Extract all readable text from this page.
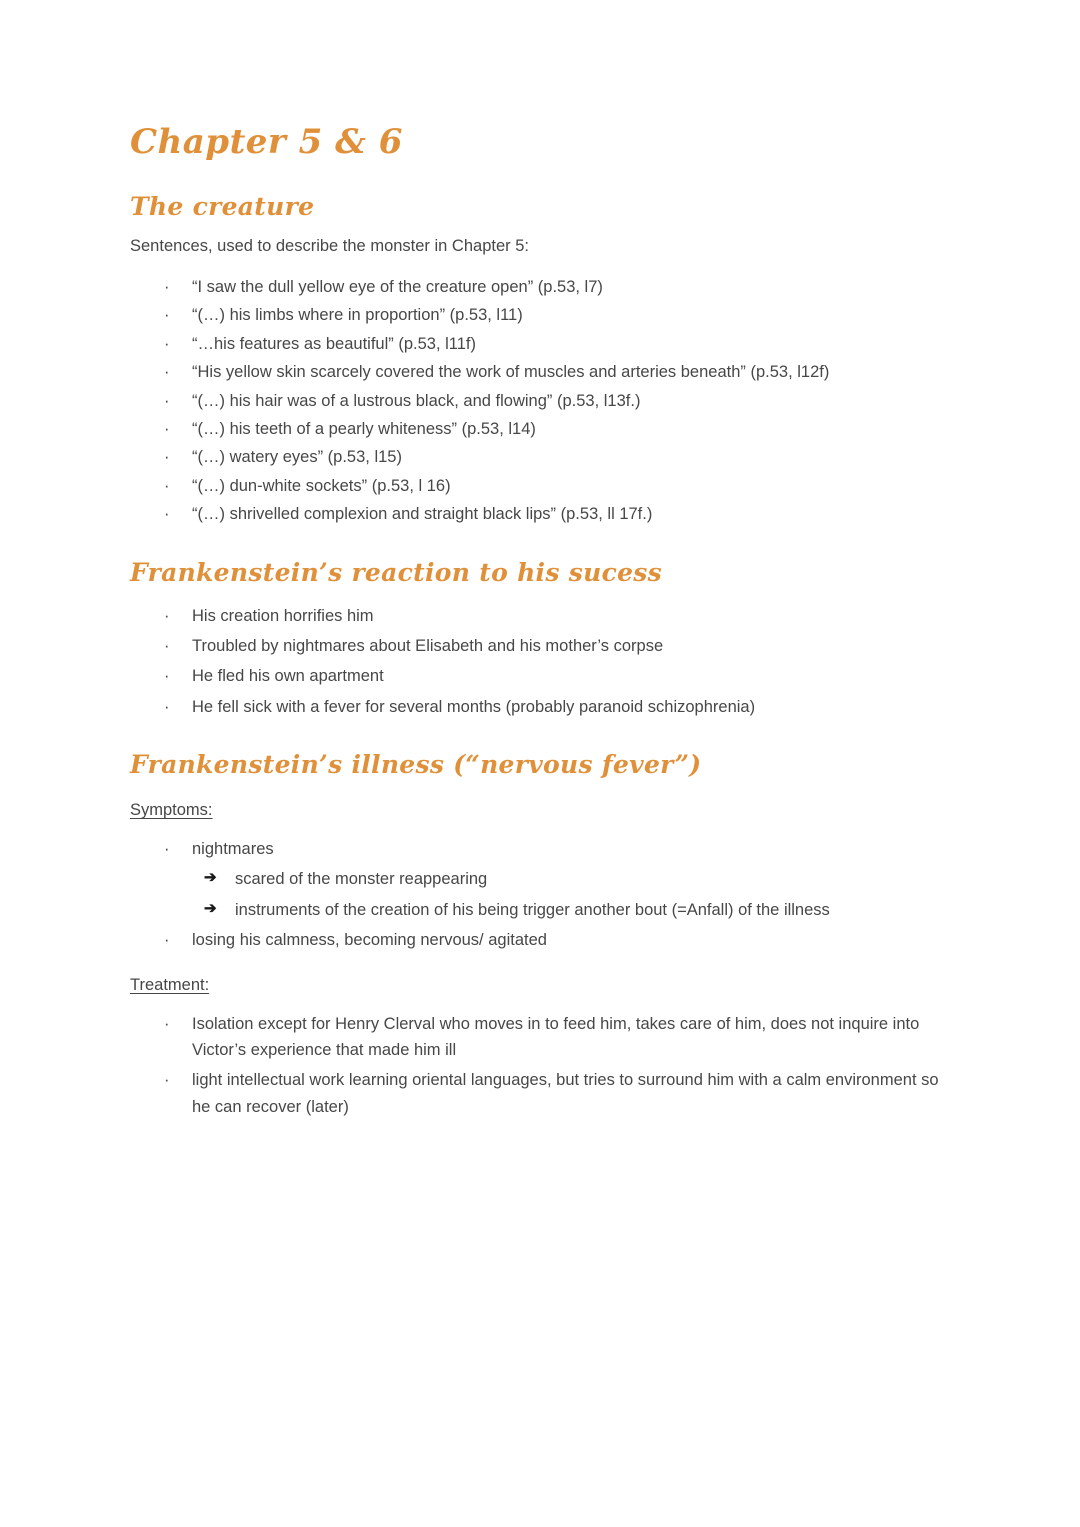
Chapter 5 & 6
The creature

Sentences, used to describe the monster in Chapter 5:

· “I saw the dull yellow eye of the creature open” (p.53, l7)
· “(…) his limbs where in proportion” (p.53, l11)
· “…his features as beautiful” (p.53, l11f)
· “His yellow skin scarcely covered the work of muscles and arteries beneath” (p.53, l12f)
· “(…) his hair was of a lustrous black, and flowing” (p.53, l13f.)
· “(…) his teeth of a pearly whiteness” (p.53, l14)
· “(…) watery eyes” (p.53, l15)
· “(…) dun-white sockets” (p.53, l 16)
· “(…) shrivelled complexion and straight black lips” (p.53, ll 17f.)
Frankenstein’s reaction to his sucess
· His creation horrifies him
· Troubled by nightmares about Elisabeth and his mother’s corpse
· He fled his own apartment
· He fell sick with a fever for several months (probably paranoid schizophrenia)
Frankenstein’s illness (“nervous fever”)
Symptoms:
· nightmares
➔ scared of the monster reappearing
➔ instruments of the creation of his being trigger another bout (=Anfall) of the illness
· losing his calmness, becoming nervous/ agitated
Treatment:
· Isolation except for Henry Clerval who moves in to feed him, takes care of him, does not inquire into Victor’s experience that made him ill
· light intellectual work learning oriental languages, but tries to surround him with a calm environment so he can recover (later)
